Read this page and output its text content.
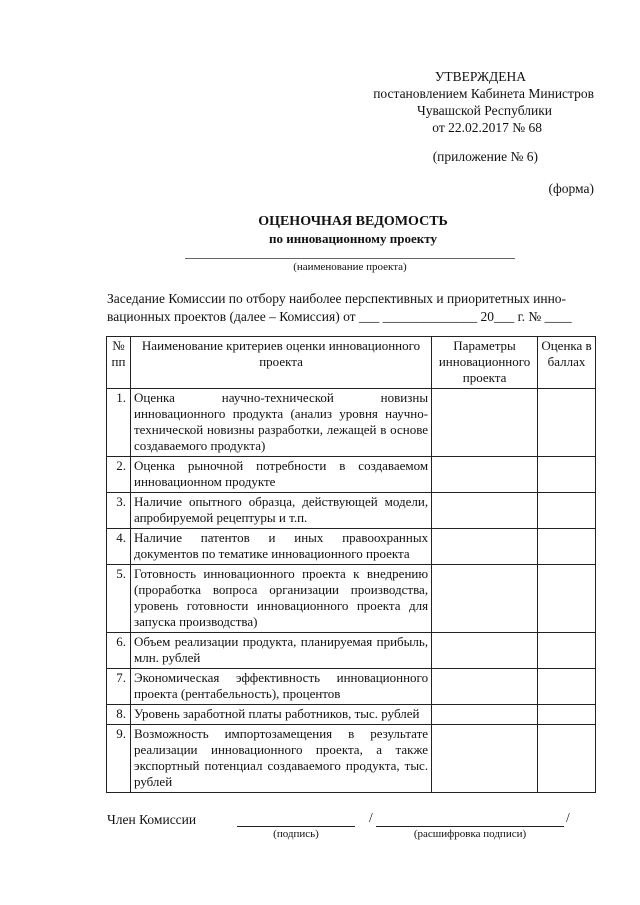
УТВЕРЖДЕНА
постановлением Кабинета Министров
Чувашской Республики
от 22.02.2017 № 68
(приложение № 6)
(форма)
ОЦЕНОЧНАЯ ВЕДОМОСТЬ
по инновационному проекту
(наименование проекта)
Заседание Комиссии по отбору наиболее перспективных и приоритетных инно-
вационных проектов (далее – Комиссия) от ___ ______________ 20___ г. № ____
№ пп	Наименование критериев оценки инновационного проекта	Параметры инновационного проекта	Оценка в баллах
1.	Оценка научно-технической новизны инновационного продукта (анализ уровня научно-технической новизны разработки, лежащей в основе создаваемого продукта)		
2.	Оценка рыночной потребности в создаваемом инновационном продукте		
3.	Наличие опытного образца, действующей модели, апробируемой рецептуры и т.п.		
4.	Наличие патентов и иных правоохранных документов по тематике инновационного проекта		
5.	Готовность инновационного проекта к внедрению (проработка вопроса организации производства, уровень готовности инновационного проекта для запуска производства)		
6.	Объем реализации продукта, планируемая прибыль, млн. рублей		
7.	Экономическая эффективность инновационного проекта (рентабельность), процентов		
8.	Уровень заработной платы работников, тыс. рублей		
9.	Возможность импортозамещения в результате реализации инновационного проекта, а также экспортный потенциал создаваемого продукта, тыс. рублей		
Член Комиссии
(подпись)
/	/
(расшифровка подписи)
